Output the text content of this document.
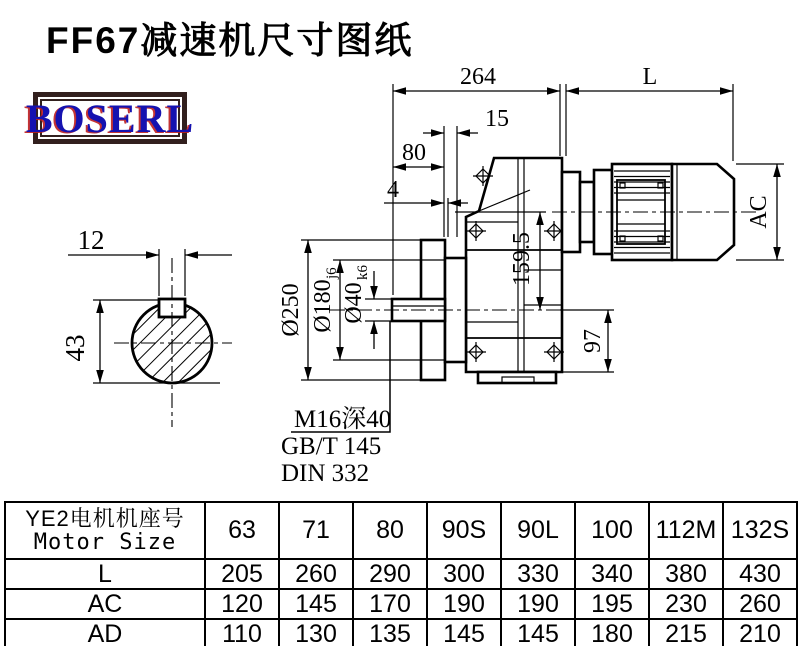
FF67减速机尺寸图纸
BOSERL
12
43
264	L
15
80
4
Ø250 Ø180
j6
Ø40
k6
AC
159.5
97
M16深40
GB/T 145
DIN 332
YE2电机机座号
Motor Size	63	71	80	90S	90L	100	112M	132S
L	205	260	290	300	330	340	380	430
AC	120	145	170	190	190	195	230	260
AD	110	130	135	145	145	180	215	210
